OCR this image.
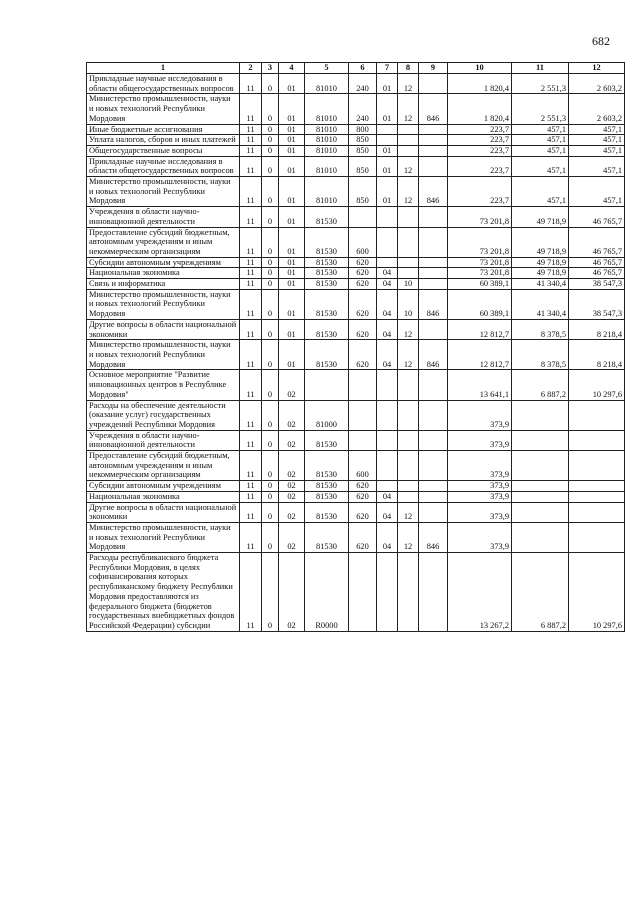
682
1	2	3	4	5	6	7	8	9	10	11	12
Прикладные научные исследования в области общегосударственных вопросов	11	0	01	81010	240	01	12		1 820,4	2 551,3	2 603,2
Министерство промышленности, науки и новых технологий Республики Мордовия	11	0	01	81010	240	01	12	846	1 820,4	2 551,3	2 603,2
Иные бюджетные ассигнования	11	0	01	81010	800				223,7	457,1	457,1
Уплата налогов, сборов и иных платежей	11	0	01	81010	850				223,7	457,1	457,1
Общегосударственные вопросы	11	0	01	81010	850	01			223,7	457,1	457,1
Прикладные научные исследования в области общегосударственных вопросов	11	0	01	81010	850	01	12		223,7	457,1	457,1
Министерство промышленности, науки и новых технологий Республики Мордовия	11	0	01	81010	850	01	12	846	223,7	457,1	457,1
Учреждения в области научно-инновационной деятельности	11	0	01	81530					73 201,8	49 718,9	46 765,7
Предоставление субсидий бюджетным, автономным учреждениям и иным некоммерческим организациям	11	0	01	81530	600				73 201,8	49 718,9	46 765,7
Субсидии автономным учреждениям	11	0	01	81530	620				73 201,8	49 718,9	46 765,7
Национальная экономика	11	0	01	81530	620	04			73 201,8	49 718,9	46 765,7
Связь и информатика	11	0	01	81530	620	04	10		60 389,1	41 340,4	38 547,3
Министерство промышленности, науки и новых технологий Республики Мордовия	11	0	01	81530	620	04	10	846	60 389,1	41 340,4	38 547,3
Другие вопросы в области национальной экономики	11	0	01	81530	620	04	12		12 812,7	8 378,5	8 218,4
Министерство промышленности, науки и новых технологий Республики Мордовия	11	0	01	81530	620	04	12	846	12 812,7	8 378,5	8 218,4
Основное мероприятие "Развитие инновационных центров в Республике Мордовия"	11	0	02						13 641,1	6 887,2	10 297,6
Расходы на обеспечение деятельности (оказание услуг) государственных учреждений Республики Мордовия	11	0	02	81000					373,9		
Учреждения в области научно-инновационной деятельности	11	0	02	81530					373,9		
Предоставление субсидий бюджетным, автономным учреждениям и иным некоммерческим организациям	11	0	02	81530	600				373,9		
Субсидии автономным учреждениям	11	0	02	81530	620				373,9		
Национальная экономика	11	0	02	81530	620	04			373,9		
Другие вопросы в области национальной экономики	11	0	02	81530	620	04	12		373,9		
Министерство промышленности, науки и новых технологий Республики Мордовия	11	0	02	81530	620	04	12	846	373,9		
Расходы республиканского бюджета Республики Мордовия, в целях софинансирования которых республиканскому бюджету Республики Мордовия предоставляются из федерального бюджета (бюджетов государственных внебюджетных фондов Российской Федерации) субсидии	11	0	02	R0000					13 267,2	6 887,2	10 297,6
